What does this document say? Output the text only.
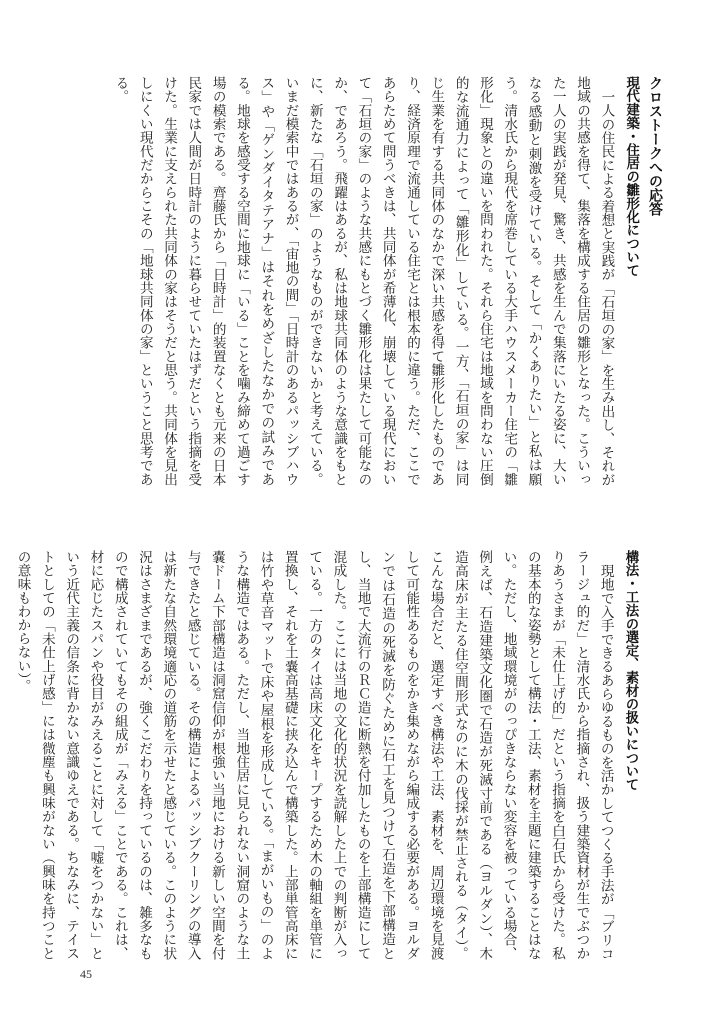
クロストークへの応答
現代建築・住居の雛形化について
一人の住民による着想と実践が「石垣の家」を生み出し、それが地域の共感を得て、集落を構成する住居の雛形となった。こういった一人の実践が発見、驚き、共感を生んで集落にいたる姿に、大いなる感動と刺激を受けている。そして「かくありたい」と私は願う。清水氏から現代を席巻している大手ハウスメーカー住宅の「雛形化」現象との違いを問われた。それら住宅は地域を問わない圧倒的な流通力によって「雛形化」している。一方、「石垣の家」は同じ生業を有する共同体のなかで深い共感を得て雛形化したものであり、経済原理で流通している住宅とは根本的に違う。ただ、ここであらためて問うべきは、共同体が希薄化、崩壊している現代において「石垣の家」のような共感にもとづく雛形化は果たして可能なのか、であろう。飛躍はあるが、私は地球共同体のような意識をもとに、新たな「石垣の家」のようなものができないかと考えている。いまだ模索中ではあるが、「宙地の間」「日時計のあるパッシブハウス」や「ゲンダイタテアナ」はそれをめざしたなかでの試みである。地球を感受する空間に地球に「いる」ことを噛み締めて過ごす場の模索である。齊藤氏から「日時計」的装置なくとも元来の日本民家では人間が日時計のように暮らせていたはずだという指摘を受けた。生業に支えられた共同体の家はそうだと思う。共同体を見出しにくい現代だからこその「地球共同体の家」ということ思考である。
構法・工法の選定、素材の扱いについて
現地で入手できるあらゆるものを活かしてつくる手法が「ブリコラージュ的だ」と清水氏から指摘され、扱う建築資材が生でぶつかりあうさまが「未仕上げ的」だという指摘を白石氏から受けた。私の基本的な姿勢として構法・工法、素材を主題に建築することはない。ただし、地域環境がのっぴきならない変容を被っている場合、例えば、石造建築文化圏で石造が死滅寸前である（ヨルダン）、木造高床が主たる住空間形式なのに木の伐採が禁止される（タイ）。こんな場合だと、選定すべき構法や工法、素材を、周辺環境を見渡して可能性あるものをかき集めながら編成する必要がある。ヨルダンでは石造の死滅を防ぐために石工を見つけて石造を下部構造とし、当地で大流行のＲＣ造に断熱を付加したものを上部構造にして混成した。ここには当地の文化的状況を読解した上での判断が入っている。一方のタイは高床文化をキープするため木の軸組を単管に置換し、それを土嚢高基礎に挟み込んで構築した。上部単管高床には竹や草音マットで床や屋根を形成している。「まがいもの」のような構造ではある。ただし、当地住居に見られない洞窟のような土嚢ドーム下部構造は洞窟信仰が根強い当地における新しい空間を付与できたと感じている。その構造によるパッシブクーリングの導入は新たな自然環境適応の道筋を示せたと感じている。このように状況はさまざまであるが、強くこだわりを持っているのは、雑多なもので構成されていてもその組成が「みえる」ことである。これは、材に応じたスパンや役目がみえることに対して「嘘をつかない」という近代主義の信条に背かない意識ゆえである。ちなみに、テイストとしての「未仕上げ感」には微塵も興味がない（興味を持つことの意味もわからない）。
45
